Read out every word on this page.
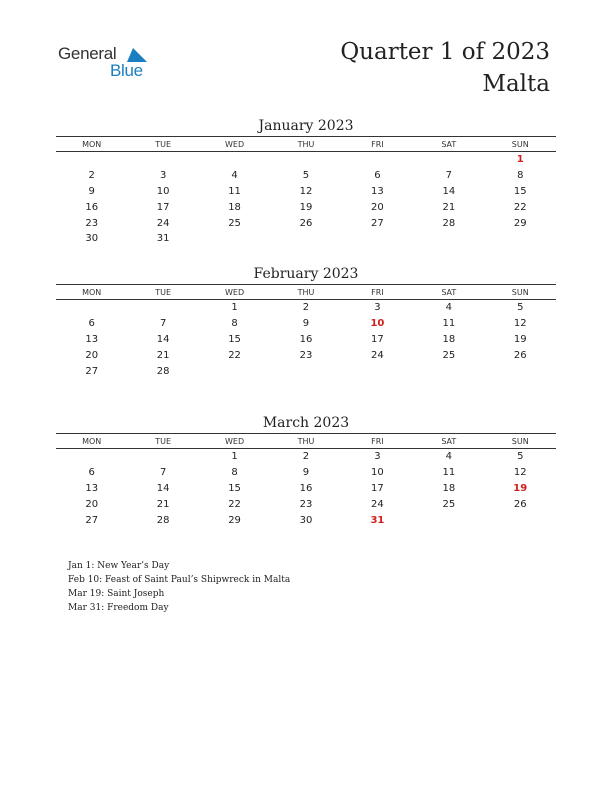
General
Blue
Quarter 1 of 2023
Malta
January 2023
MON	TUE	WED	THU	FRI	SAT	SUN
						1
2	3	4	5	6	7	8
9	10	11	12	13	14	15
16	17	18	19	20	21	22
23	24	25	26	27	28	29
30	31					
February 2023
MON	TUE	WED	THU	FRI	SAT	SUN
		1	2	3	4	5
6	7	8	9	10	11	12
13	14	15	16	17	18	19
20	21	22	23	24	25	26
27	28					
March 2023
MON	TUE	WED	THU	FRI	SAT	SUN
		1	2	3	4	5
6	7	8	9	10	11	12
13	14	15	16	17	18	19
20	21	22	23	24	25	26
27	28	29	30	31		
Jan 1: New Year’s Day
Feb 10: Feast of Saint Paul’s Shipwreck in Malta
Mar 19: Saint Joseph
Mar 31: Freedom Day
